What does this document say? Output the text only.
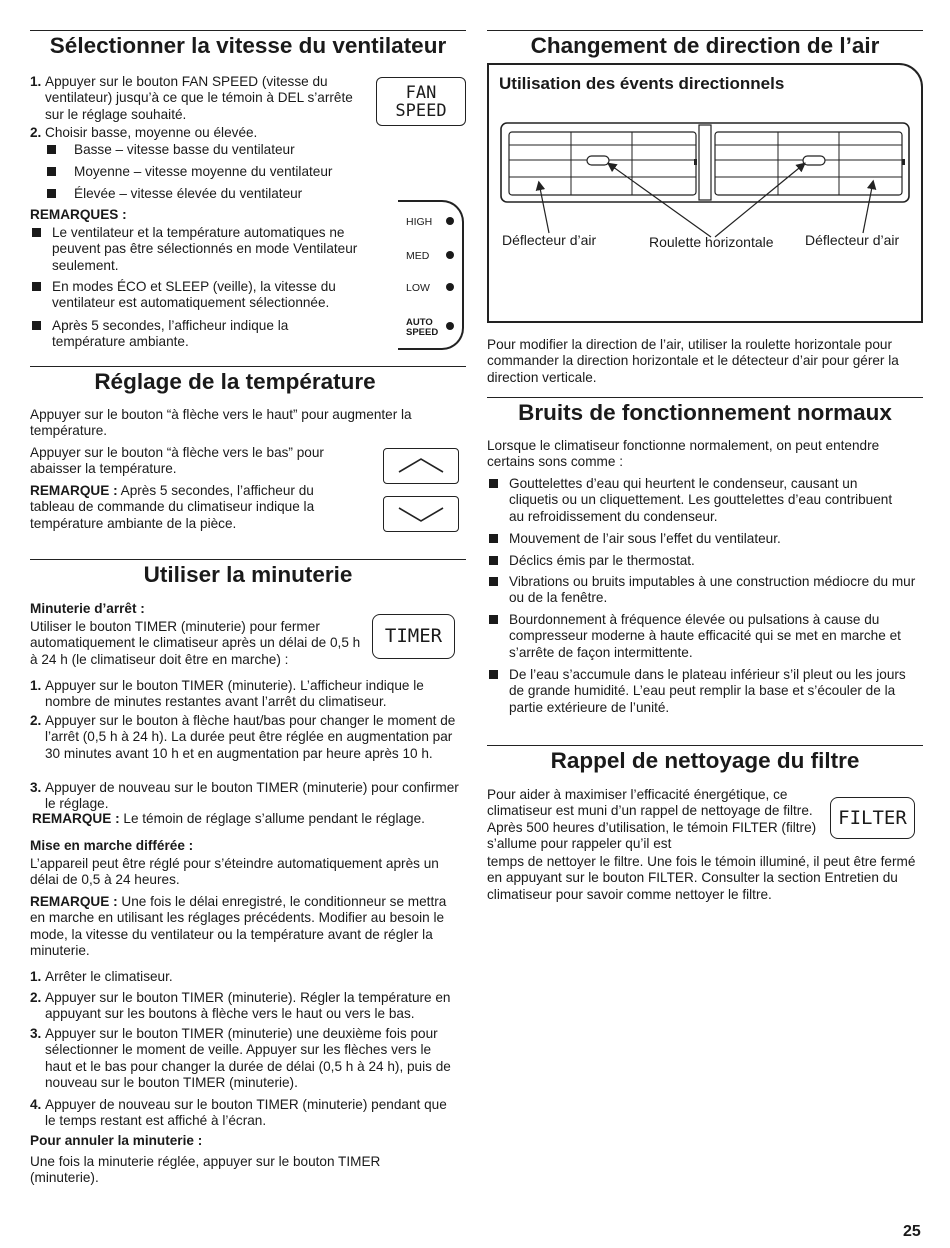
Sélectionner la vitesse du ventilateur
1. Appuyer sur le bouton FAN SPEED (vitesse du ventilateur) jusqu’à ce que le témoin à DEL s’arrête sur le réglage souhaité.
2. Choisir basse, moyenne ou élevée.
Basse – vitesse basse du ventilateur
Moyenne – vitesse moyenne du ventilateur
Élevée – vitesse élevée du ventilateur
REMARQUES :
Le ventilateur et la température automatiques ne peuvent pas être sélectionnés en mode Ventilateur seulement.
En modes ÉCO et SLEEP (veille), la vitesse du ventilateur est automatiquement sélectionnée.
Après 5 secondes, l’afficheur indique la température ambiante.
FAN
SPEED
HIGH
MED
LOW
AUTO
SPEED
Réglage de la température
Appuyer sur le bouton “à flèche vers le haut” pour augmenter la température.
Appuyer sur le bouton “à flèche vers le bas” pour abaisser la température.
REMARQUE : Après 5 secondes, l’afficheur du tableau de commande du climatiseur indique la température ambiante de la pièce.
Utiliser la minuterie
Minuterie d’arrêt :
Utiliser le bouton TIMER (minuterie) pour fermer automatiquement le climatiseur après un délai de 0,5 h à 24 h (le climatiseur doit être en marche) :
TIMER
1. Appuyer sur le bouton TIMER (minuterie). L’afficheur indique le nombre de minutes restantes avant l’arrêt du climatiseur.
2. Appuyer sur le bouton à flèche haut/bas pour changer le moment de l’arrêt (0,5 h à 24 h). La durée peut être réglée en augmentation par 30 minutes avant 10 h et en augmentation par heure après 10 h.
3. Appuyer de nouveau sur le bouton TIMER (minuterie) pour confirmer le réglage.
REMARQUE : Le témoin de réglage s’allume pendant le réglage.
Mise en marche différée :
L’appareil peut être réglé pour s’éteindre automatiquement après un délai de 0,5 à 24 heures.
REMARQUE : Une fois le délai enregistré, le conditionneur se mettra en marche en utilisant les réglages précédents. Modifier au besoin le mode, la vitesse du ventilateur ou la température avant de régler la minuterie.
1. Arrêter le climatiseur.
2. Appuyer sur le bouton TIMER (minuterie). Régler la température en appuyant sur les boutons à flèche vers le haut ou vers le bas.
3. Appuyer sur le bouton TIMER (minuterie) une deuxième fois pour sélectionner le moment de veille. Appuyer sur les flèches vers le haut et le bas pour changer la durée de délai (0,5 h à 24 h), puis de nouveau sur le bouton TIMER (minuterie).
4. Appuyer de nouveau sur le bouton TIMER (minuterie) pendant que le temps restant est affiché à l’écran.
Pour annuler la minuterie :
Une fois la minuterie réglée, appuyer sur le bouton TIMER (minuterie).
Changement de direction de l’air
Utilisation des évents directionnels
Déflecteur d’air	Roulette horizontale Déflecteur d’air
Pour modifier la direction de l’air, utiliser la roulette horizontale pour commander la direction horizontale et le détecteur d’air pour gérer la direction verticale.
Bruits de fonctionnement normaux
Lorsque le climatiseur fonctionne normalement, on peut entendre certains sons comme :
Gouttelettes d’eau qui heurtent le condenseur, causant un cliquetis ou un cliquettement. Les gouttelettes d’eau contribuent au refroidissement du condenseur.
Mouvement de l’air sous l’effet du ventilateur.
Déclics émis par le thermostat.
Vibrations ou bruits imputables à une construction médiocre du mur ou de la fenêtre.
Bourdonnement à fréquence élevée ou pulsations à cause du compresseur moderne à haute efficacité qui se met en marche et s’arrête de façon intermittente.
De l’eau s’accumule dans le plateau inférieur s’il pleut ou les jours de grande humidité. L’eau peut remplir la base et s’écouler de la partie extérieure de l’unité.
Rappel de nettoyage du filtre
Pour aider à maximiser l’efficacité énergétique, ce climatiseur est muni d’un rappel de nettoyage de filtre. Après 500 heures d’utilisation, le témoin FILTER (filtre) s’allume pour rappeler qu’il est
FILTER
temps de nettoyer le filtre. Une fois le témoin illuminé, il peut être fermé en appuyant sur le bouton FILTER. Consulter la section Entretien du climatiseur pour savoir comme nettoyer le filtre.
25
